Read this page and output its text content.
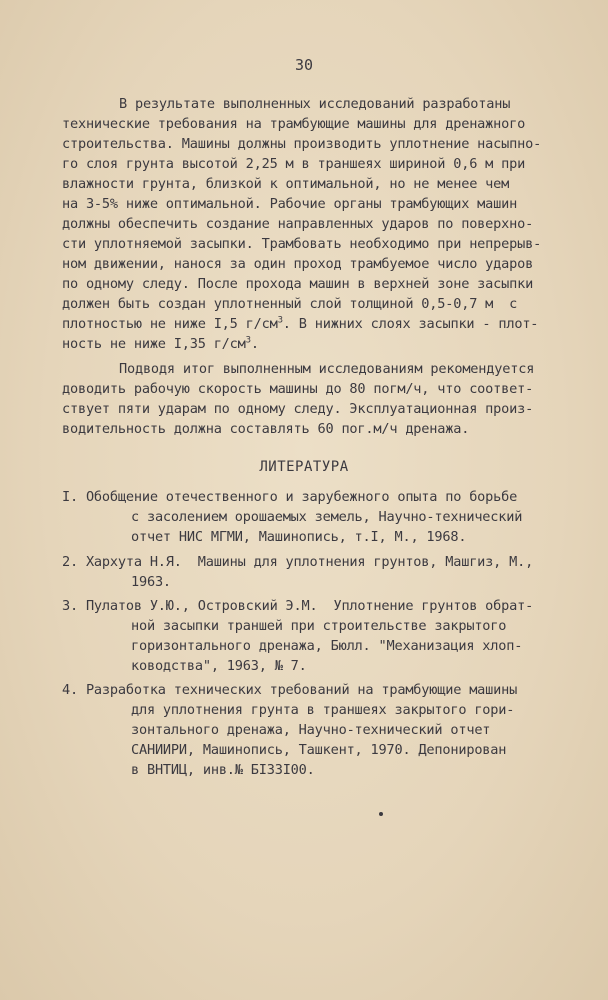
30
В результате выполненных исследований разработаны
технические требования на трамбующие машины для дренажного
строительства. Машины должны производить уплотнение насыпно-
го слоя грунта высотой 2,25 м в траншеях шириной 0,6 м при
влажности грунта, близкой к оптимальной, но не менее чем
на 3-5% ниже оптимальной. Рабочие органы трамбующих машин
должны обеспечить создание направленных ударов по поверхно-
сти уплотняемой засыпки. Трамбовать необходимо при непрерыв-
ном движении, нанося за один проход трамбуемое число ударов
по одному следу. После прохода машин в верхней зоне засыпки
должен быть создан уплотненный слой толщиной 0,5-0,7 м  с
плотностью не ниже I,5 $г/см^3$. В нижних слоях засыпки - плот-
ность не ниже I,35 $г/см^3$.
Подводя итог выполненным исследованиям рекомендуется
доводить рабочую скорость машины до 80 погм/ч, что соответ-
ствует пяти ударам по одному следу. Эксплуатационная произ-
водительность должна составлять 60 пог.м/ч дренажа.
ЛИТЕРАТУРА
I. Обобщение отечественного и зарубежного опыта по борьбе
с засолением орошаемых земель, Научно-технический
отчет НИС МГМИ, Машинопись, т.I, М., 1968.
2. Хархута Н.Я.  Машины для уплотнения грунтов, Машгиз, М.,
1963.
3. Пулатов У.Ю., Островский Э.М.  Уплотнение грунтов обрат-
ной засыпки траншей при строительстве закрытого
горизонтального дренажа, Бюлл. "Механизация хлоп-
ководства", 1963, № 7.
4. Разработка технических требований на трамбующие машины
для уплотнения грунта в траншеях закрытого гори-
зонтального дренажа, Научно-технический отчет
САНИИРИ, Машинопись, Ташкент, 1970. Депонирован
в ВНТИЦ, инв.№ БI33I00.
